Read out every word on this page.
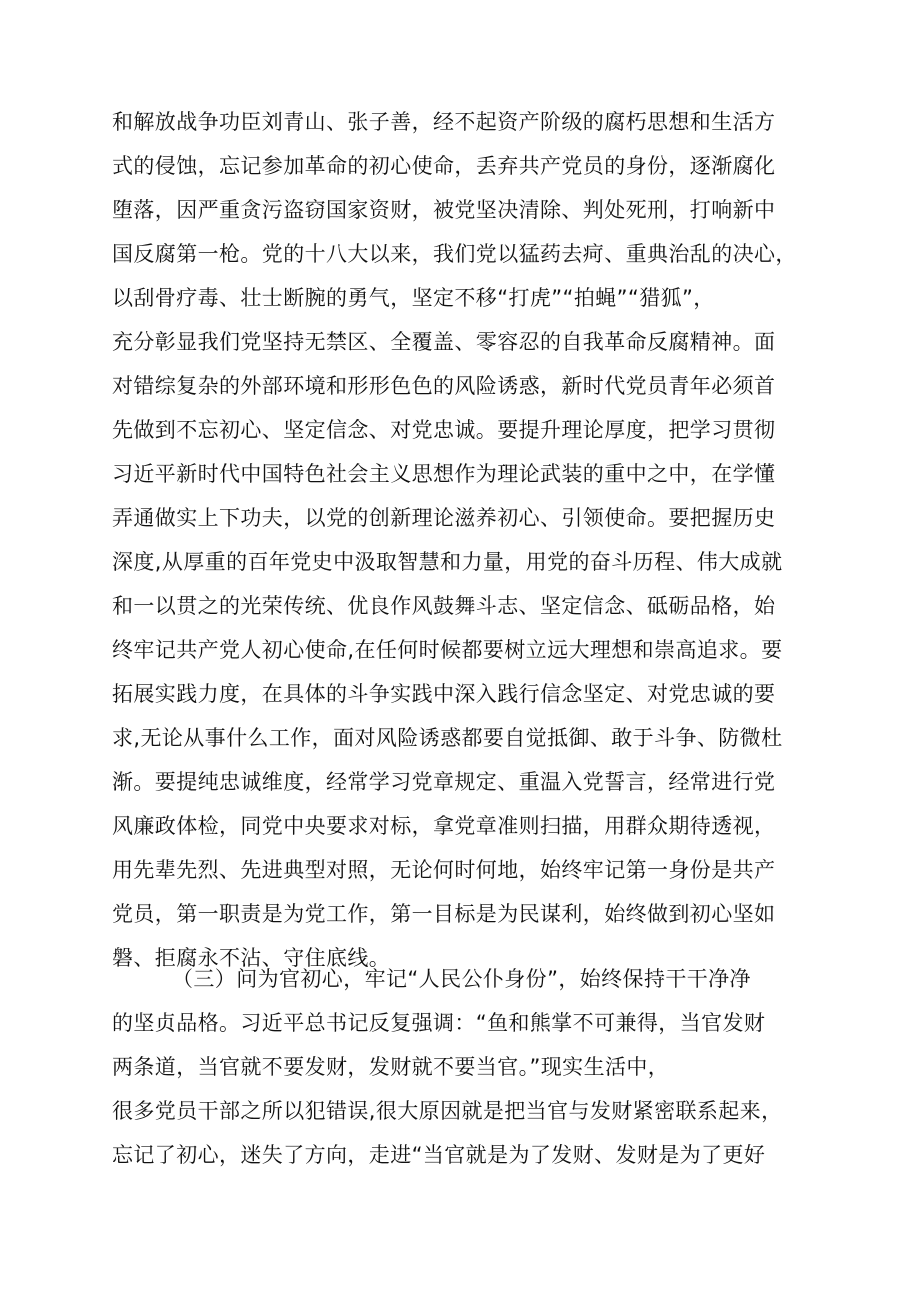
和解放战争功臣刘青山、张子善，经不起资产阶级的腐朽思想和生活方
式的侵蚀，忘记参加革命的初心使命，丢弃共产党员的身份，逐渐腐化
堕落，因严重贪污盗窃国家资财，被党坚决清除、判处死刑，打响新中
国反腐第一枪。党的十八大以来，我们党以猛药去疴、重典治乱的决心，
以刮骨疗毒、壮士断腕的勇气，坚定不移“打虎”“拍蝇”“猎狐”，
充分彰显我们党坚持无禁区、全覆盖、零容忍的自我革命反腐精神。面
对错综复杂的外部环境和形形色色的风险诱惑，新时代党员青年必须首
先做到不忘初心、坚定信念、对党忠诚。要提升理论厚度，把学习贯彻
习近平新时代中国特色社会主义思想作为理论武装的重中之中，在学懂
弄通做实上下功夫，以党的创新理论滋养初心、引领使命。要把握历史
深度,从厚重的百年党史中汲取智慧和力量，用党的奋斗历程、伟大成就
和一以贯之的光荣传统、优良作风鼓舞斗志、坚定信念、砥砺品格，始
终牢记共产党人初心使命,在任何时候都要树立远大理想和崇高追求。要
拓展实践力度，在具体的斗争实践中深入践行信念坚定、对党忠诚的要
求,无论从事什么工作，面对风险诱惑都要自觉抵御、敢于斗争、防微杜
渐。要提纯忠诚维度，经常学习党章规定、重温入党誓言，经常进行党
风廉政体检，同党中央要求对标，拿党章准则扫描，用群众期待透视，
用先辈先烈、先进典型对照，无论何时何地，始终牢记第一身份是共产
党员，第一职责是为党工作，第一目标是为民谋利，始终做到初心坚如
磐、拒腐永不沾、守住底线。
（三）问为官初心，牢记“人民公仆身份”，始终保持干干净净
的坚贞品格。习近平总书记反复强调：“鱼和熊掌不可兼得，当官发财
两条道，当官就不要发财，发财就不要当官。”现实生活中，
很多党员干部之所以犯错误,很大原因就是把当官与发财紧密联系起来，
忘记了初心，迷失了方向，走进“当官就是为了发财、发财是为了更好
